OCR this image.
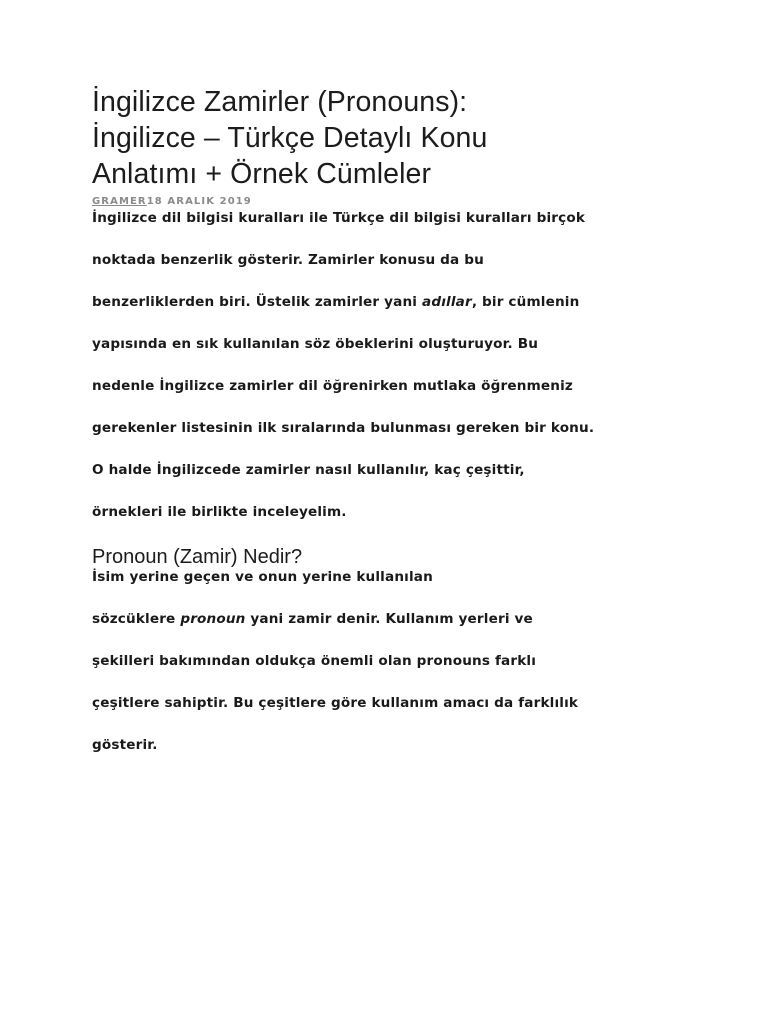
İngilizce Zamirler (Pronouns):
İngilizce – Türkçe Detaylı Konu
Anlatımı + Örnek Cümleler
GRAMER18 ARALIK 2019

İngilizce dil bilgisi kuralları ile Türkçe dil bilgisi kuralları birçok
noktada benzerlik gösterir. Zamirler konusu da bu
benzerliklerden biri. Üstelik zamirler yani adıllar, bir cümlenin
yapısında en sık kullanılan söz öbeklerini oluşturuyor. Bu
nedenle İngilizce zamirler dil öğrenirken mutlaka öğrenmeniz
gerekenler listesinin ilk sıralarında bulunması gereken bir konu.
O halde İngilizcede zamirler nasıl kullanılır, kaç çeşittir,
örnekleri ile birlikte inceleyelim.

Pronoun (Zamir) Nedir?

İsim yerine geçen ve onun yerine kullanılan
sözcüklere pronoun yani zamir denir. Kullanım yerleri ve
şekilleri bakımından oldukça önemli olan pronouns farklı
çeşitlere sahiptir. Bu çeşitlere göre kullanım amacı da farklılık
gösterir.
